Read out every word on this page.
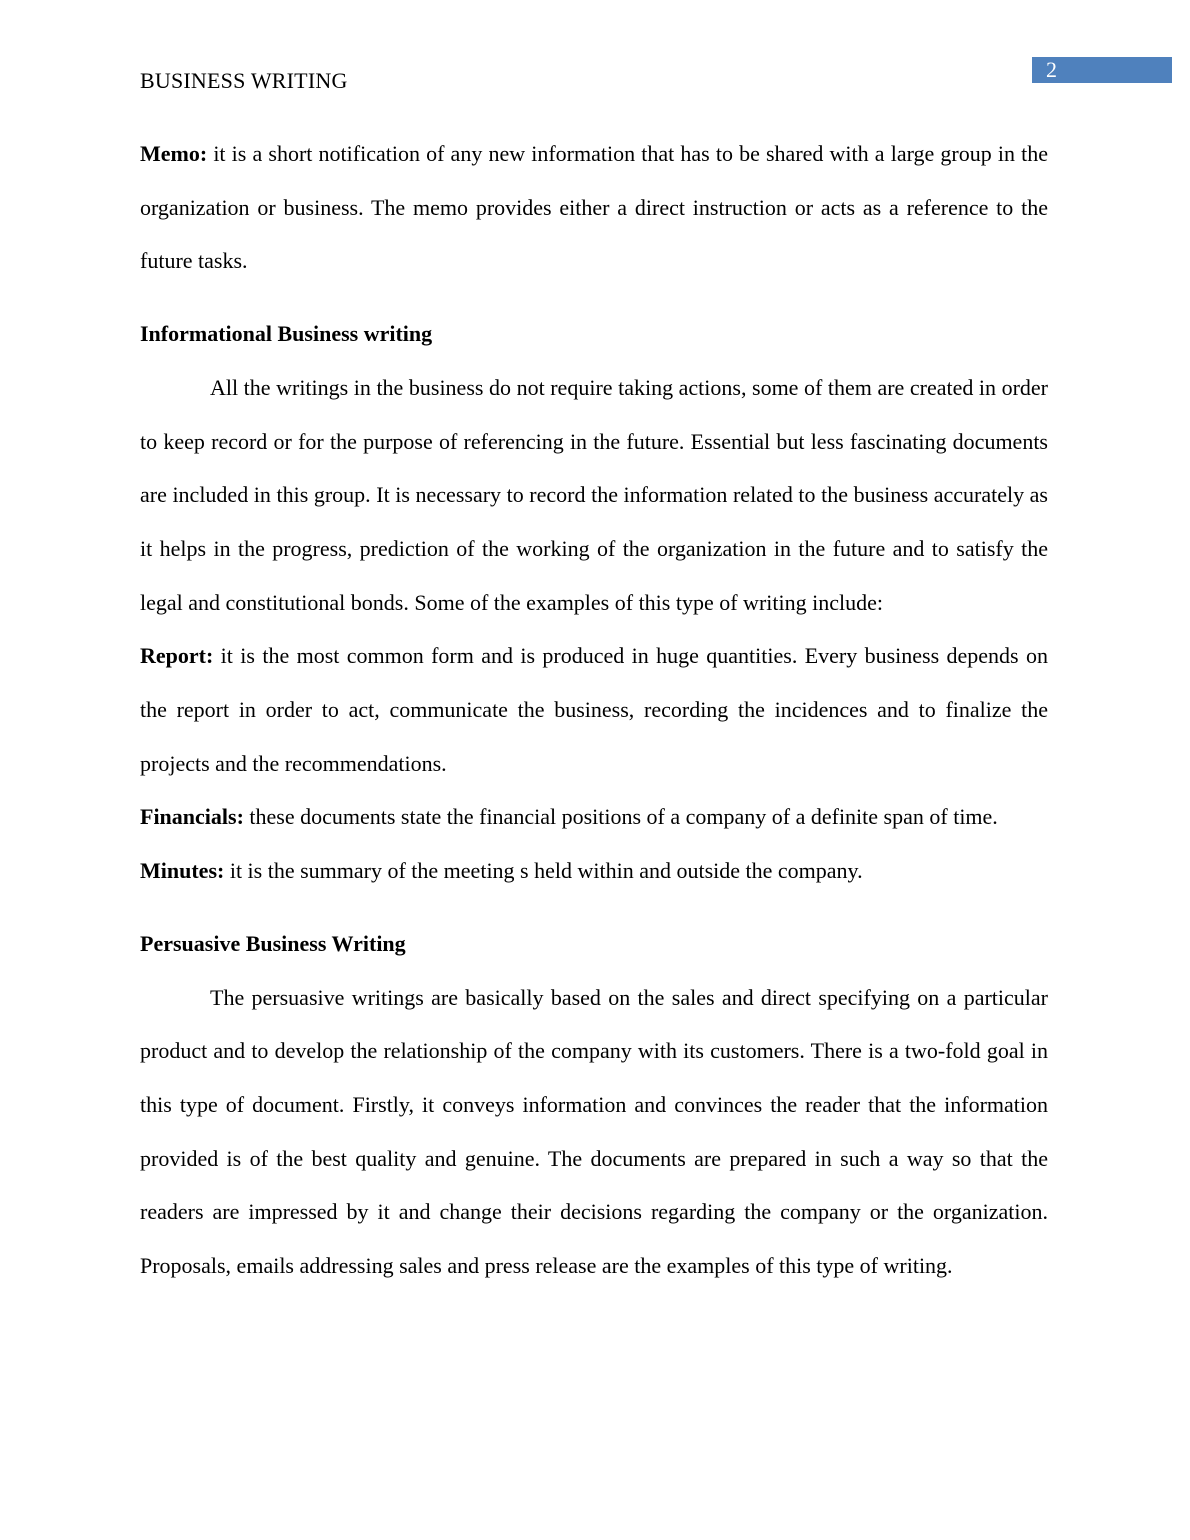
BUSINESS WRITING	2

Memo: it is a short notification of any new information that has to be shared with a large group in the organization or business. The memo provides either a direct instruction or acts as a reference to the future tasks.

Informational Business writing

All the writings in the business do not require taking actions, some of them are created in order to keep record or for the purpose of referencing in the future. Essential but less fascinating documents are included in this group. It is necessary to record the information related to the business accurately as it helps in the progress, prediction of the working of the organization in the future and to satisfy the legal and constitutional bonds. Some of the examples of this type of writing include:

Report: it is the most common form and is produced in huge quantities. Every business depends on the report in order to act, communicate the business, recording the incidences and to finalize the projects and the recommendations.

Financials: these documents state the financial positions of a company of a definite span of time.

Minutes: it is the summary of the meeting s held within and outside the company.

Persuasive Business Writing

The persuasive writings are basically based on the sales and direct specifying on a particular product and to develop the relationship of the company with its customers. There is a two-fold goal in this type of document. Firstly, it conveys information and convinces the reader that the information provided is of the best quality and genuine. The documents are prepared in such a way so that the readers are impressed by it and change their decisions regarding the company or the organization. Proposals, emails addressing sales and press release are the examples of this type of writing.
